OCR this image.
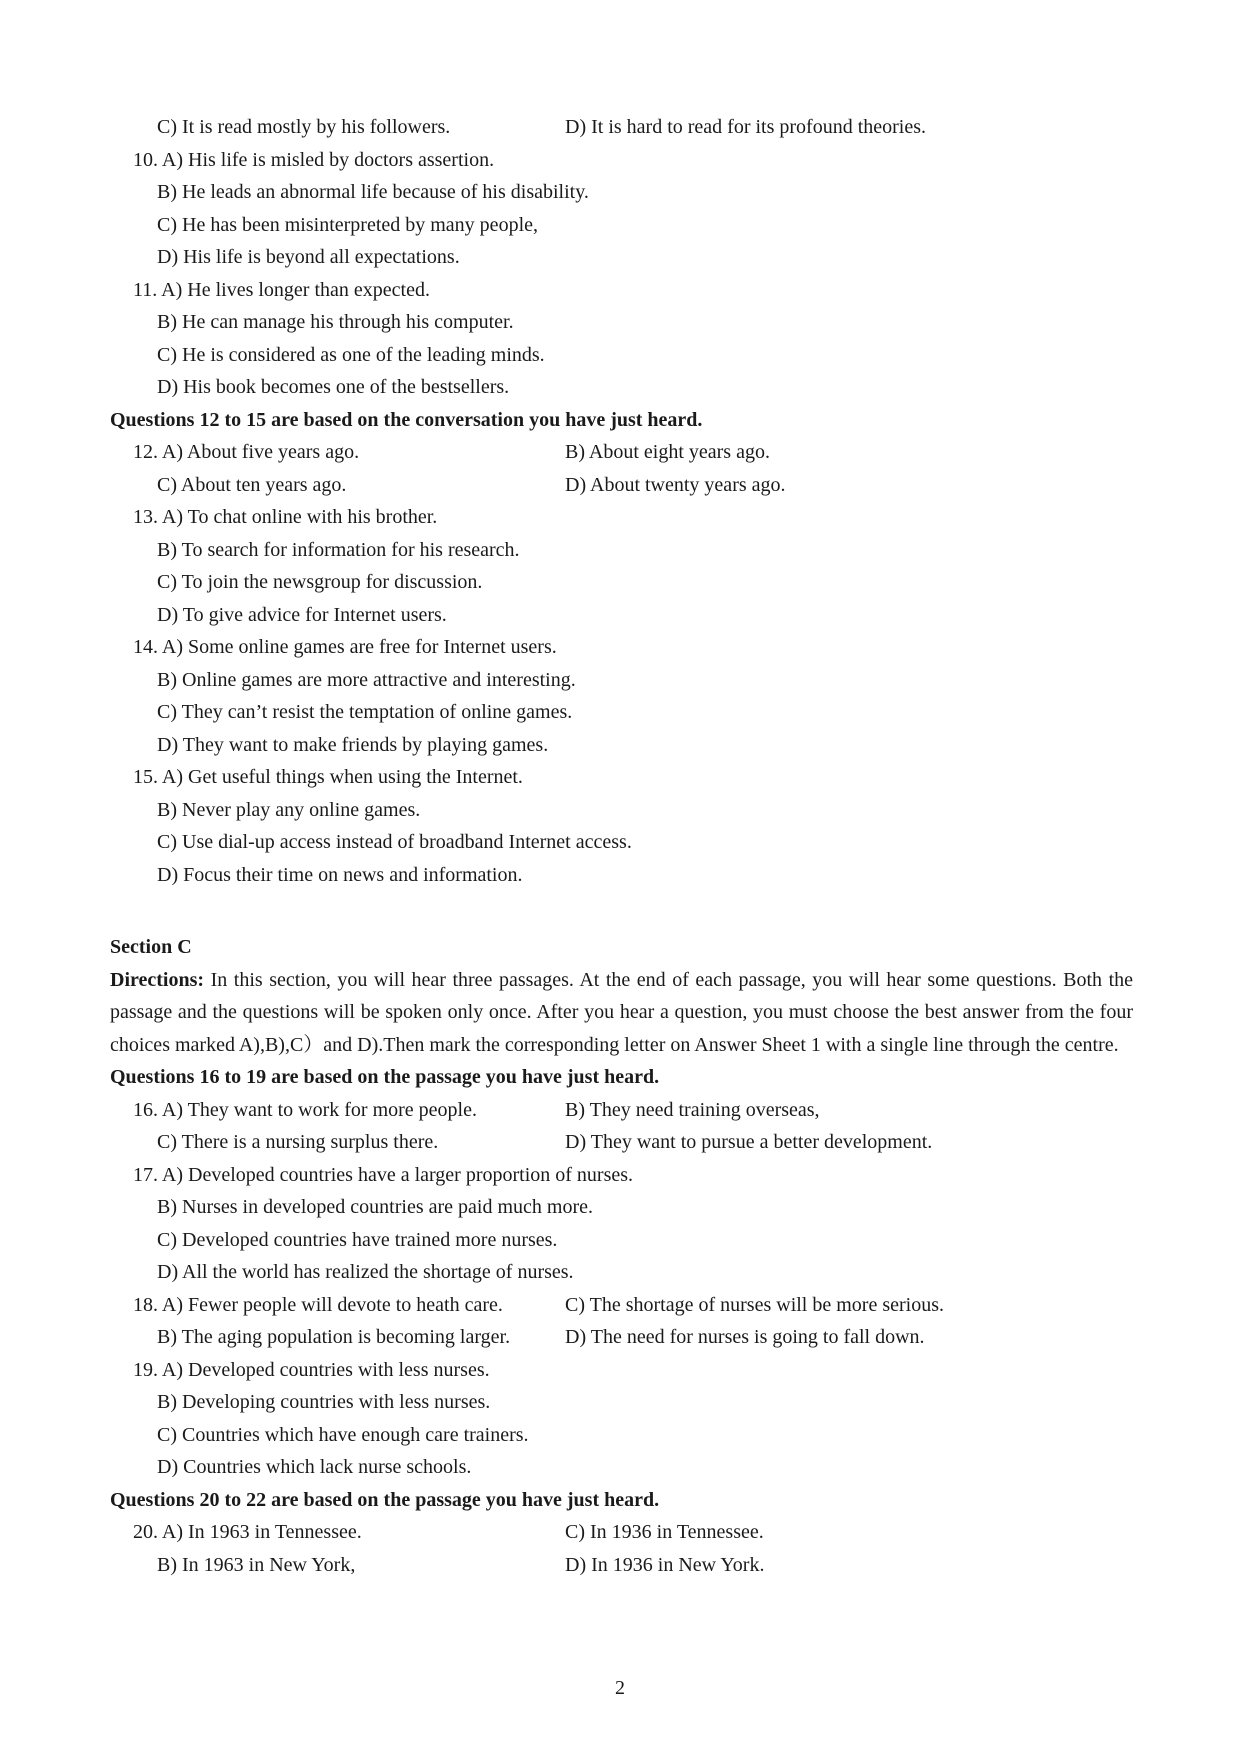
C) It is read mostly by his followers.	D) It is hard to read for its profound theories.
10. A) His life is misled by doctors assertion.
B) He leads an abnormal life because of his disability.
C) He has been misinterpreted by many people,
D) His life is beyond all expectations.
11. A) He lives longer than expected.
B) He can manage his through his computer.
C) He is considered as one of the leading minds.
D) His book becomes one of the bestsellers.
Questions 12 to 15 are based on the conversation you have just heard.
12. A) About five years ago.	B) About eight years ago.
C) About ten years ago.	D) About twenty years ago.
13. A) To chat online with his brother.
B) To search for information for his research.
C) To join the newsgroup for discussion.
D) To give advice for Internet users.
14. A) Some online games are free for Internet users.
B) Online games are more attractive and interesting.
C) They can’t resist the temptation of online games.
D) They want to make friends by playing games.
15. A) Get useful things when using the Internet.
B) Never play any online games.
C) Use dial-up access instead of broadband Internet access.
D) Focus their time on news and information.
Section C
Directions: In this section, you will hear three passages. At the end of each passage, you will hear some questions. Both the passage and the questions will be spoken only once. After you hear a question, you must choose the best answer from the four choices marked A),B),C）and D).Then mark the corresponding letter on Answer Sheet 1 with a single line through the centre.
Questions 16 to 19 are based on the passage you have just heard.
16. A) They want to work for more people.	B) They need training overseas,
C) There is a nursing surplus there.	D) They want to pursue a better development.
17. A) Developed countries have a larger proportion of nurses.
B) Nurses in developed countries are paid much more.
C) Developed countries have trained more nurses.
D) All the world has realized the shortage of nurses.
18. A) Fewer people will devote to heath care.	C) The shortage of nurses will be more serious.
B) The aging population is becoming larger.	D) The need for nurses is going to fall down.
19. A) Developed countries with less nurses.
B) Developing countries with less nurses.
C) Countries which have enough care trainers.
D) Countries which lack nurse schools.
Questions 20 to 22 are based on the passage you have just heard.
20. A) In 1963 in Tennessee.	C) In 1936 in Tennessee.
B) In 1963 in New York,	D) In 1936 in New York.
2
